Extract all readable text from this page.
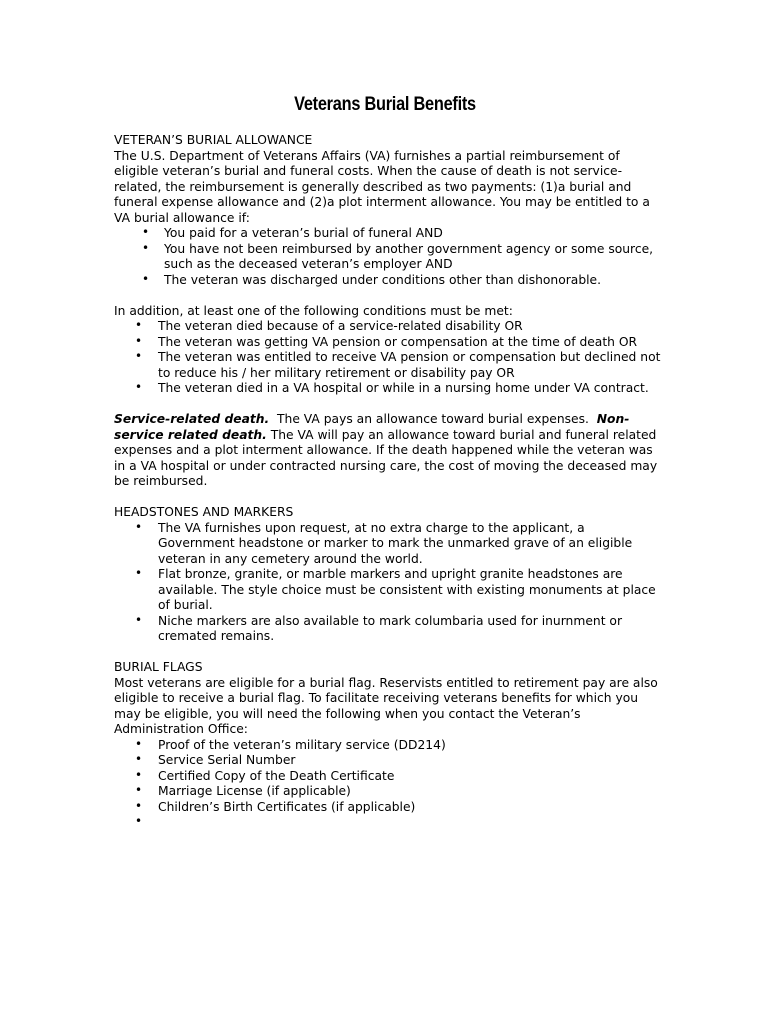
Veterans Burial Benefits

VETERAN’S BURIAL ALLOWANCE

The U.S. Department of Veterans Affairs (VA) furnishes a partial reimbursement of eligible veteran’s burial and funeral costs. When the cause of death is not service-related, the reimbursement is generally described as two payments: (1)a burial and funeral expense allowance and (2)a plot interment allowance. You may be entitled to a VA burial allowance if:

• You paid for a veteran’s burial of funeral AND
• You have not been reimbursed by another government agency or some source, such as the deceased veteran’s employer AND
• The veteran was discharged under conditions other than dishonorable.

In addition, at least one of the following conditions must be met:

• The veteran died because of a service-related disability OR
• The veteran was getting VA pension or compensation at the time of death OR
• The veteran was entitled to receive VA pension or compensation but declined not to reduce his / her military retirement or disability pay OR
• The veteran died in a VA hospital or while in a nursing home under VA contract.

Service-related death.  The VA pays an allowance toward burial expenses.  Non-service related death. The VA will pay an allowance toward burial and funeral related expenses and a plot interment allowance. If the death happened while the veteran was in a VA hospital or under contracted nursing care, the cost of moving the deceased may be reimbursed.

HEADSTONES AND MARKERS

• The VA furnishes upon request, at no extra charge to the applicant, a Government headstone or marker to mark the unmarked grave of an eligible veteran in any cemetery around the world.
• Flat bronze, granite, or marble markers and upright granite headstones are available. The style choice must be consistent with existing monuments at place of burial.
• Niche markers are also available to mark columbaria used for inurnment or cremated remains.

BURIAL FLAGS

Most veterans are eligible for a burial flag. Reservists entitled to retirement pay are also eligible to receive a burial flag. To facilitate receiving veterans benefits for which you may be eligible, you will need the following when you contact the Veteran’s Administration Office:

• Proof of the veteran’s military service (DD214)
• Service Serial Number
• Certified Copy of the Death Certificate
• Marriage License (if applicable)
• Children’s Birth Certificates (if applicable)
•
